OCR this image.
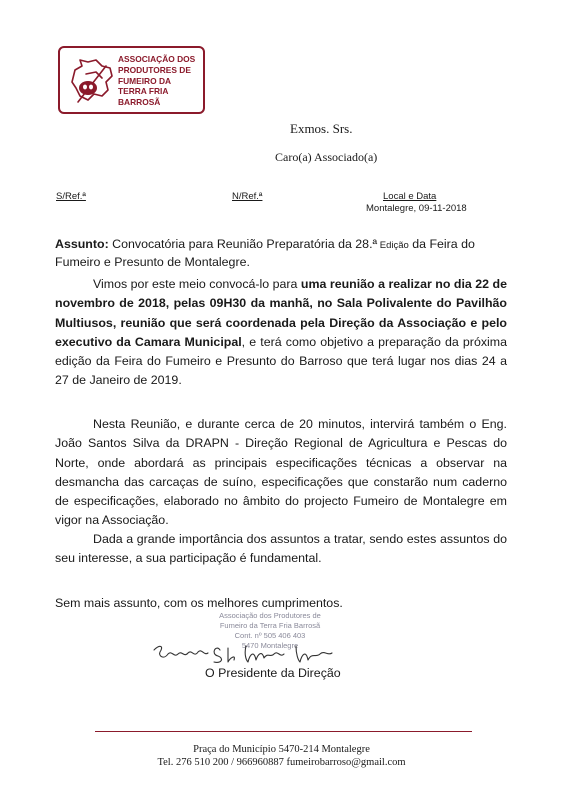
ASSOCIAÇÃO DOS
PRODUTORES DE
FUMEIRO DA
TERRA FRIA
BARROSÃ
Exmos. Srs.
Caro(a) Associado(a)
S/Ref.ª	N/Ref.ª	Local e Data
Montalegre, 09-11-2018
Assunto: Convocatória para Reunião Preparatória da 28.ª Edição da Feira do Fumeiro e Presunto de Montalegre.
Vimos por este meio convocá-lo para uma reunião a realizar no dia 22 de novembro de 2018, pelas 09H30 da manhã, no Sala Polivalente do Pavilhão Multiusos, reunião que será coordenada pela Direção da Associação e pelo executivo da Camara Municipal, e terá como objetivo a preparação da próxima edição da Feira do Fumeiro e Presunto do Barroso que terá lugar nos dias 24 a 27 de Janeiro de 2019.
Nesta Reunião, e durante cerca de 20 minutos, intervirá também o Eng. João Santos Silva da DRAPN - Direção Regional de Agricultura e Pescas do Norte, onde abordará as principais especificações técnicas a observar na desmancha das carcaças de suíno, especificações que constarão num caderno de especificações, elaborado no âmbito do projecto Fumeiro de Montalegre em vigor na Associação.
Dada a grande importância dos assuntos a tratar, sendo estes assuntos do seu interesse, a sua participação é fundamental.
Sem mais assunto, com os melhores cumprimentos.
Associação dos Produtores de
Fumeiro da Terra Fria Barrosã
Cont. nº 505 406 403
5470 Montalegre
O Presidente da Direção
Praça do Município 5470-214 Montalegre
Tel. 276 510 200 / 966960887 fumeirobarroso@gmail.com
